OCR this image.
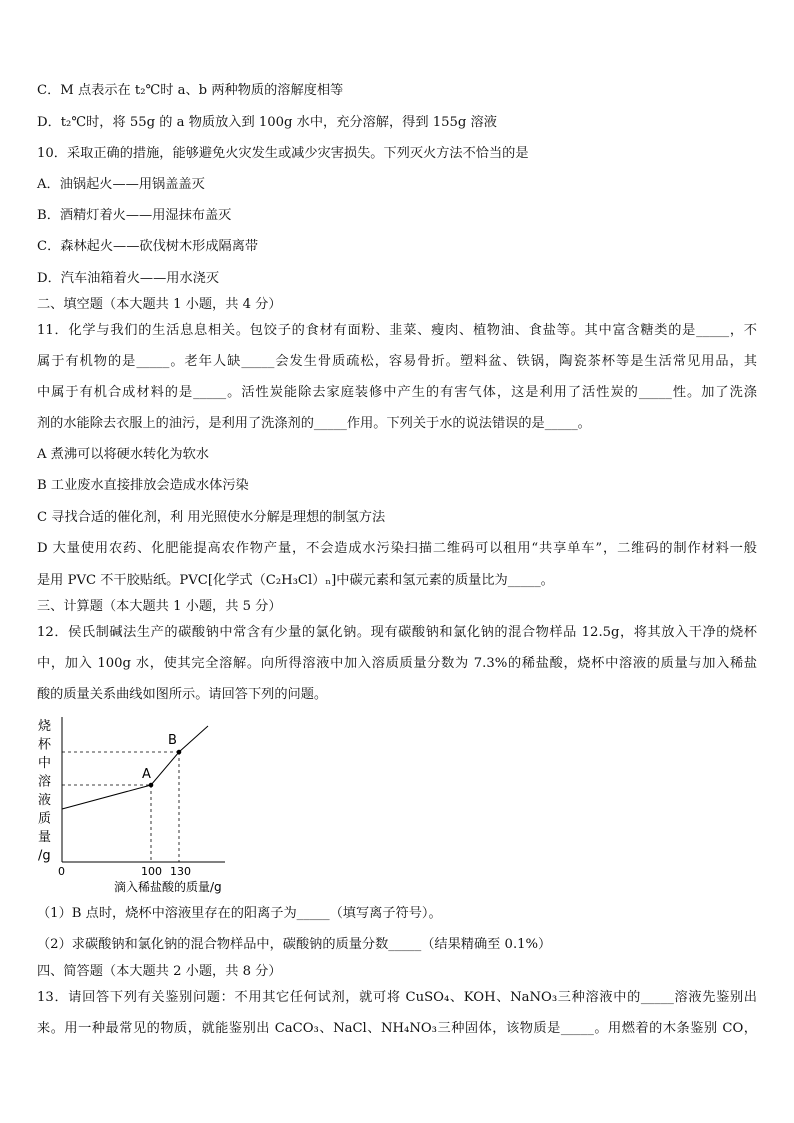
C．M 点表示在 t₂℃时 a、b 两种物质的溶解度相等
D．t₂℃时，将 55g 的 a 物质放入到 100g 水中，充分溶解，得到 155g 溶液
10．采取正确的措施，能够避免火灾发生或减少灾害损失。下列灭火方法不恰当的是
A．油锅起火——用锅盖盖灭
B．酒精灯着火——用湿抹布盖灭
C．森林起火——砍伐树木形成隔离带
D．汽车油箱着火——用水浇灭
二、填空题（本大题共 1 小题，共 4 分）
11．化学与我们的生活息息相关。包饺子的食材有面粉、韭菜、瘦肉、植物油、食盐等。其中富含糖类的是_____，不
属于有机物的是_____。老年人缺_____会发生骨质疏松，容易骨折。塑料盆、铁锅，陶瓷茶杯等是生活常见用品，其
中属于有机合成材料的是_____。活性炭能除去家庭装修中产生的有害气体，这是利用了活性炭的_____性。加了洗涤
剂的水能除去衣服上的油污，是利用了洗涤剂的_____作用。下列关于水的说法错误的是_____。
A 煮沸可以将硬水转化为软水
B 工业废水直接排放会造成水体污染
C 寻找合适的催化剂，利 用光照使水分解是理想的制氢方法
D 大量使用农药、化肥能提高农作物产量，不会造成水污染扫描二维码可以租用“共享单车”，二维码的制作材料一般
是用 PVC 不干胶贴纸。PVC[化学式（C₂H₃Cl）ₙ]中碳元素和氢元素的质量比为_____。
三、计算题（本大题共 1 小题，共 5 分）
12．侯氏制碱法生产的碳酸钠中常含有少量的氯化钠。现有碳酸钠和氯化钠的混合物样品 12.5g，将其放入干净的烧杯
中，加入 100g 水，使其完全溶解。向所得溶液中加入溶质质量分数为 7.3%的稀盐酸，烧杯中溶液的质量与加入稀盐
酸的质量关系曲线如图所示。请回答下列的问题。
烧
杯
中
溶
液
质
量
/g
A
B
0	100 130
滴入稀盐酸的质量/g
（1）B 点时，烧杯中溶液里存在的阳离子为_____（填写离子符号）。
（2）求碳酸钠和氯化钠的混合物样品中，碳酸钠的质量分数_____（结果精确至 0.1%）
四、简答题（本大题共 2 小题，共 8 分）
13．请回答下列有关鉴别问题：不用其它任何试剂，就可将 CuSO₄、KOH、NaNO₃三种溶液中的_____溶液先鉴别出
来。用一种最常见的物质，就能鉴别出 CaCO₃、NaCl、NH₄NO₃三种固体，该物质是_____。用燃着的木条鉴别 CO，
